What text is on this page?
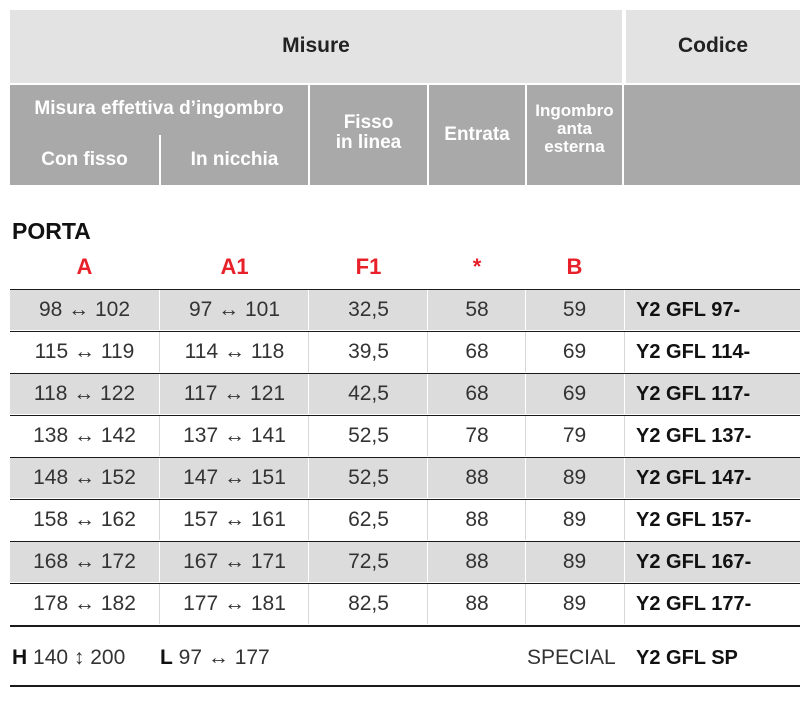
Misure	Codice
Misura effettiva d’ingombro
Con fisso	In nicchia
Fisso
in linea	Entrata
Ingombro
anta
esterna
PORTA
A	A1	F1	*	B
98 ↔ 102	97 ↔ 101	32,5	58	59	Y2 GFL 97-
115 ↔ 119	114 ↔ 118	39,5	68	69	Y2 GFL 114-
118 ↔ 122	117 ↔ 121	42,5	68	69	Y2 GFL 117-
138 ↔ 142	137 ↔ 141	52,5	78	79	Y2 GFL 137-
148 ↔ 152	147 ↔ 151	52,5	88	89	Y2 GFL 147-
158 ↔ 162	157 ↔ 161	62,5	88	89	Y2 GFL 157-
168 ↔ 172	167 ↔ 171	72,5	88	89	Y2 GFL 167-
178 ↔ 182	177 ↔ 181	82,5	88	89	Y2 GFL 177-
H 140 ↕ 200 L 97 ↔ 177	SPECIAL Y2 GFL SP
